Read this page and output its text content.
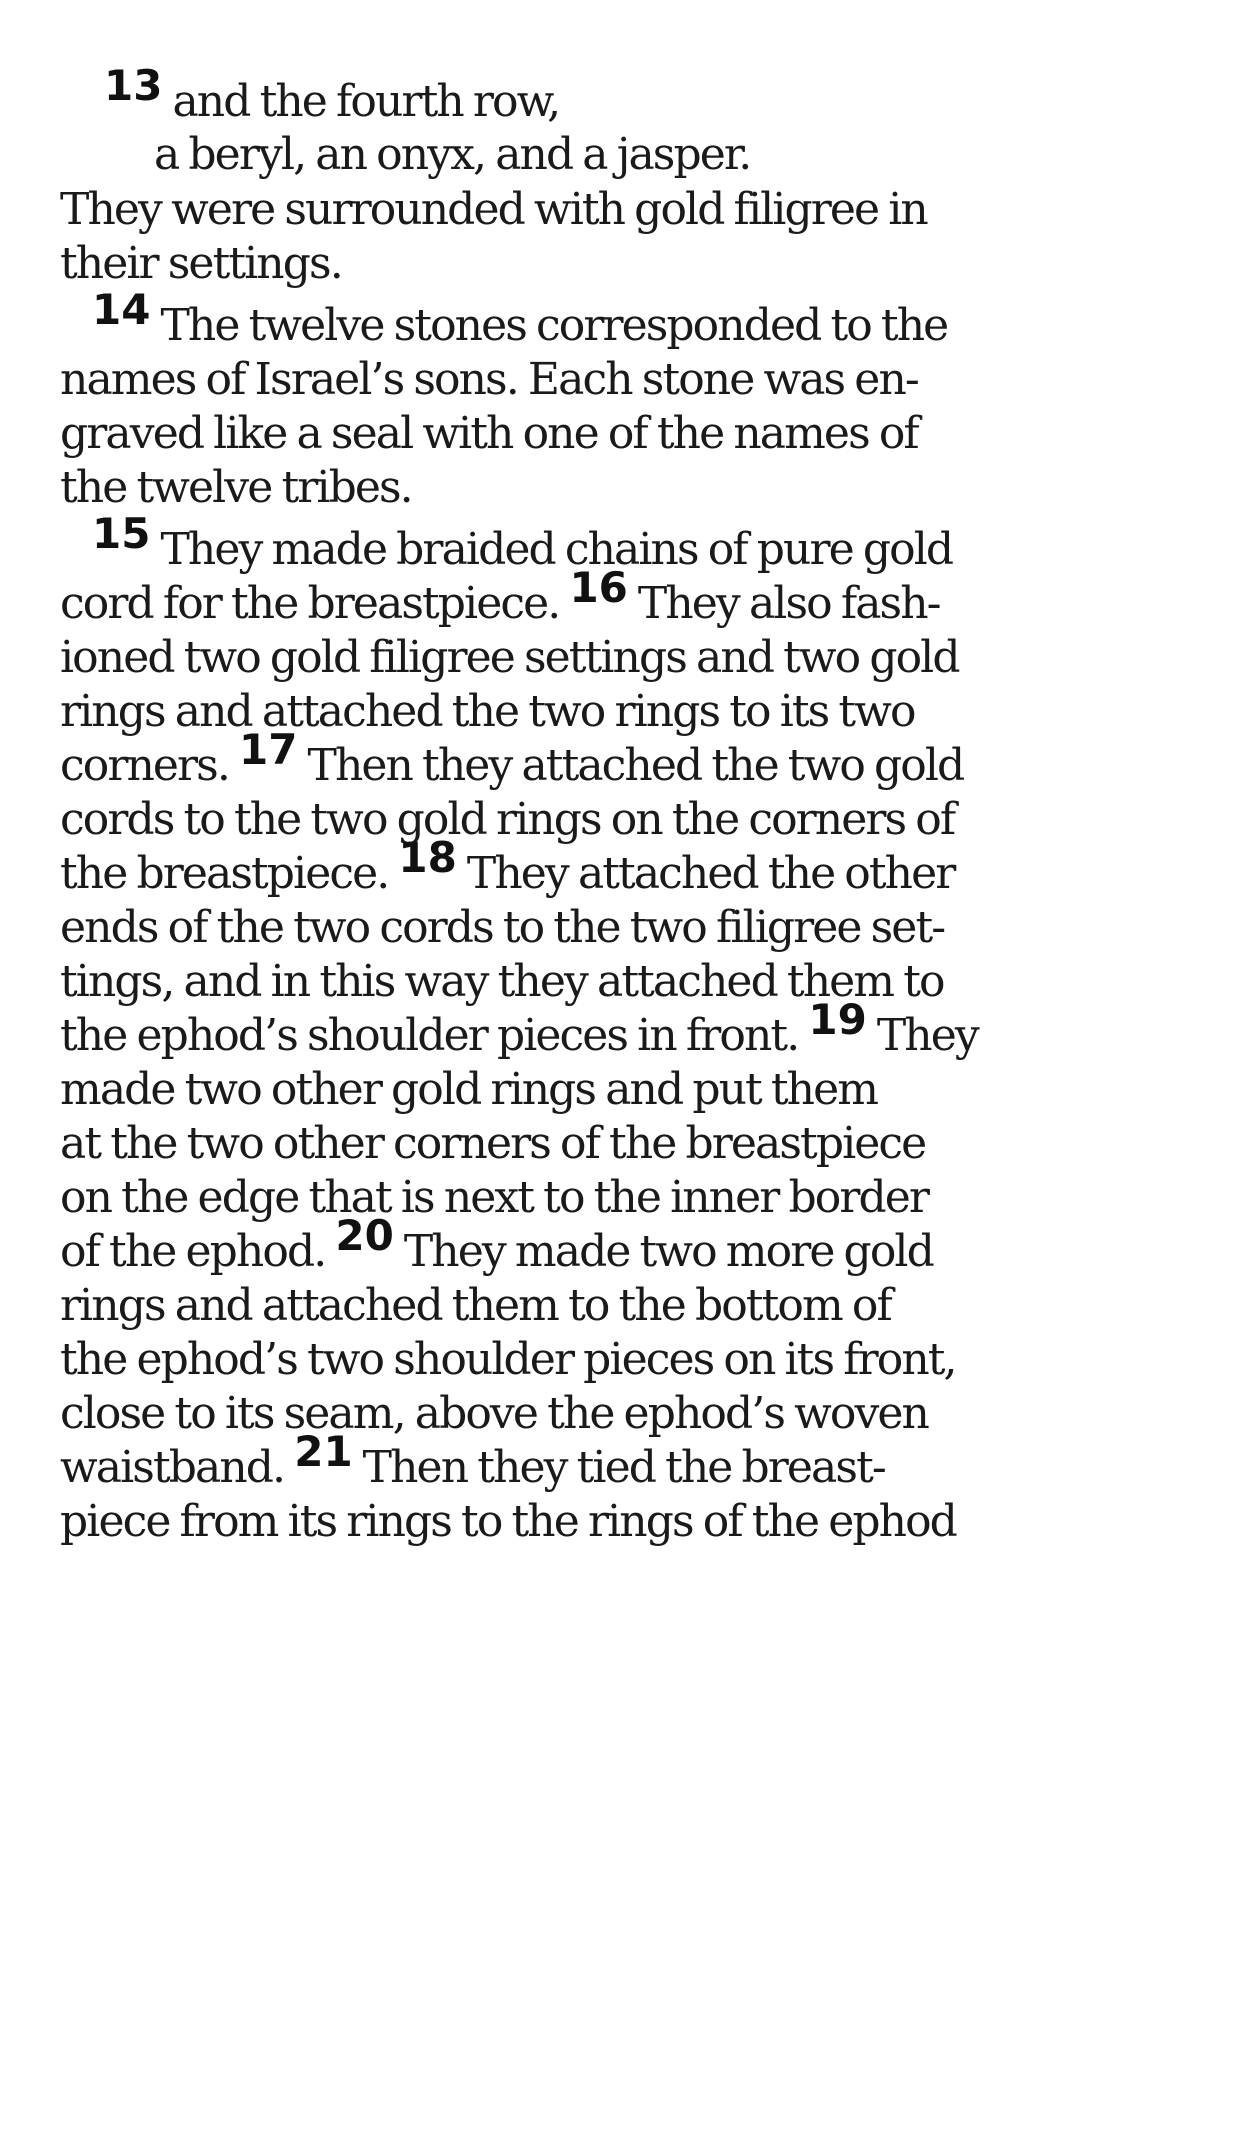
13 and the fourth row,
a beryl, an onyx, and a jasper.
They were surrounded with gold filigree in
their settings.
14 The twelve stones corresponded to the
names of Israel’s sons. Each stone was en-
graved like a seal with one of the names of
the twelve tribes.
15 They made braided chains of pure gold
cord for the breastpiece. 16 They also fash-
ioned two gold filigree settings and two gold
rings and attached the two rings to its two
corners. 17 Then they attached the two gold
cords to the two gold rings on the corners of
the breastpiece. 18 They attached the other
ends of the two cords to the two filigree set-
tings, and in this way they attached them to
the ephod’s shoulder pieces in front. 19 They
made two other gold rings and put them
at the two other corners of the breastpiece
on the edge that is next to the inner border
of the ephod. 20 They made two more gold
rings and attached them to the bottom of
the ephod’s two shoulder pieces on its front,
close to its seam, above the ephod’s woven
waistband. 21 Then they tied the breast-
piece from its rings to the rings of the ephod
